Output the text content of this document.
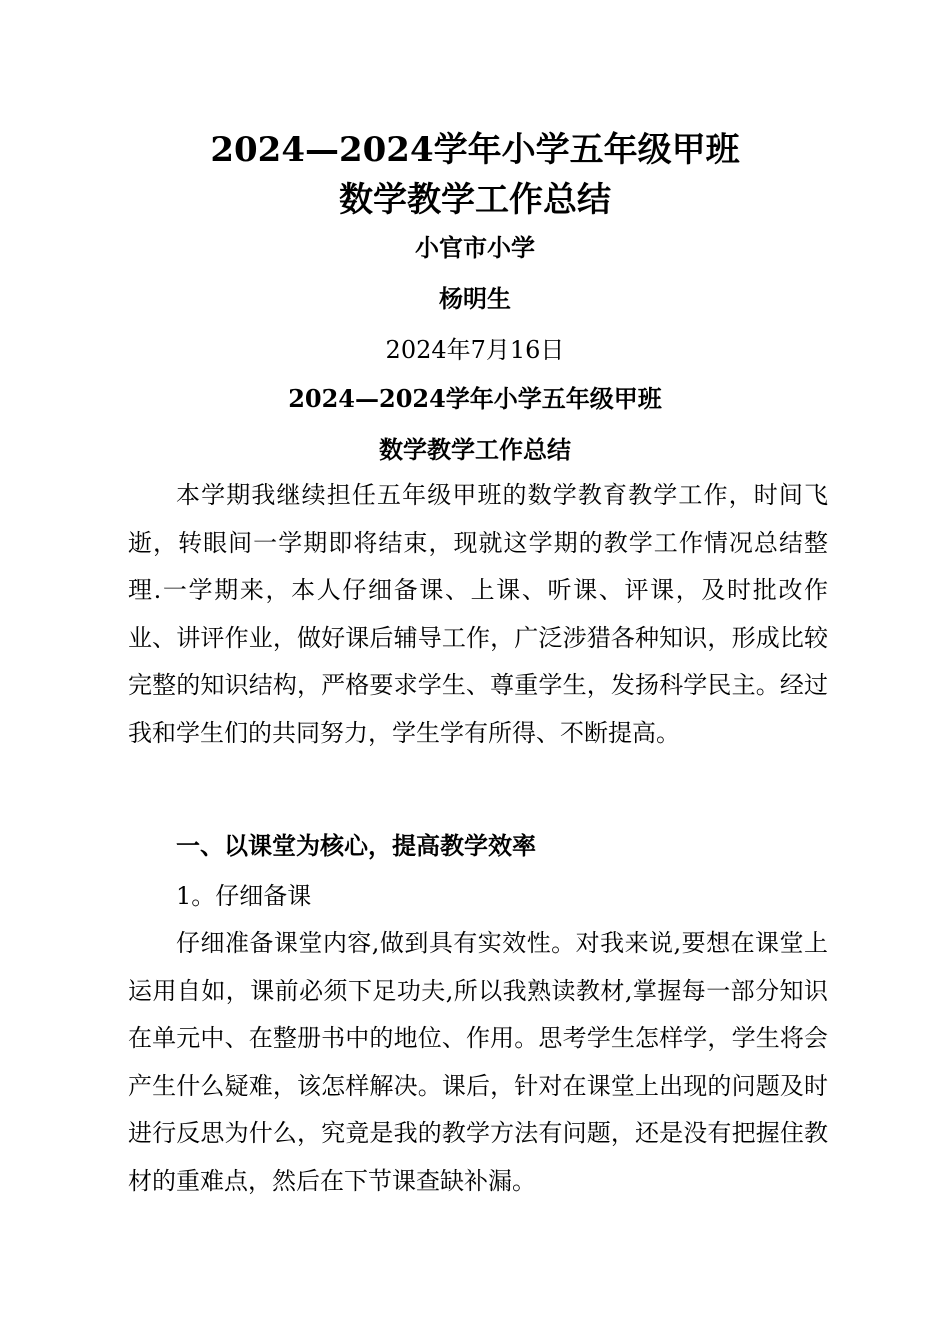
2024—2024学年小学五年级甲班
数学教学工作总结
小官市小学
杨明生
2024年7月16日
2024—2024学年小学五年级甲班
数学教学工作总结

本学期我继续担任五年级甲班的数学教育教学工作，时间飞逝，转眼间一学期即将结束，现就这学期的教学工作情况总结整理.一学期来，本人仔细备课、上课、听课、评课，及时批改作业、讲评作业，做好课后辅导工作，广泛涉猎各种知识，形成比较完整的知识结构，严格要求学生、尊重学生，发扬科学民主。经过我和学生们的共同努力，学生学有所得、不断提高。

一、以课堂为核心，提高教学效率
1。仔细备课

仔细准备课堂内容,做到具有实效性。对我来说,要想在课堂上运用自如，课前必须下足功夫,所以我熟读教材,掌握每一部分知识在单元中、在整册书中的地位、作用。思考学生怎样学，学生将会产生什么疑难，该怎样解决。课后，针对在课堂上出现的问题及时进行反思为什么，究竟是我的教学方法有问题，还是没有把握住教材的重难点，然后在下节课查缺补漏。
